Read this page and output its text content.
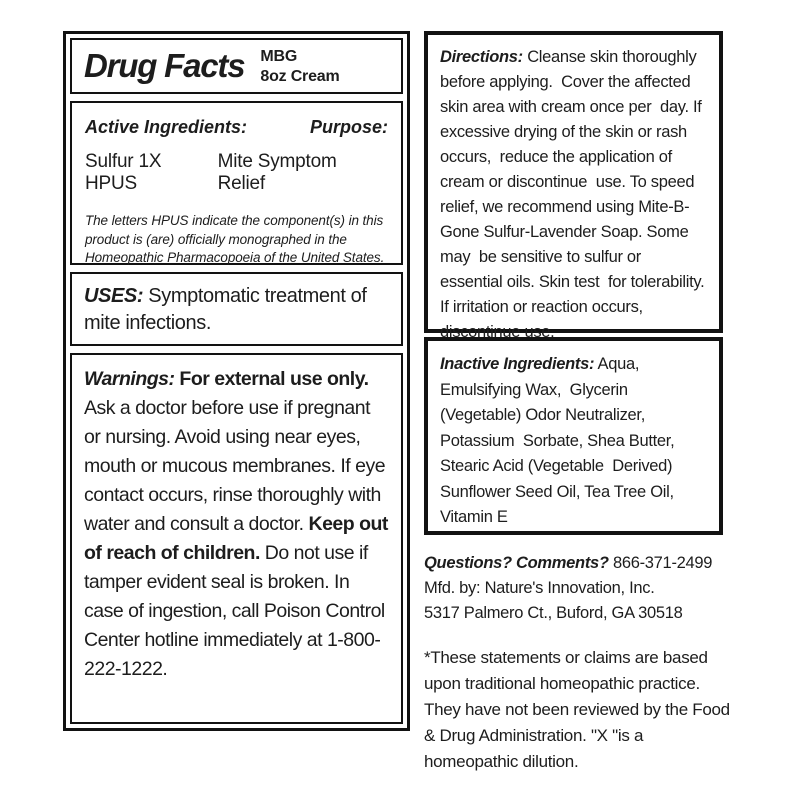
Drug Facts MBG
8oz Cream
Active Ingredients:	Purpose:
Sulfur 1X HPUS
Mite Symptom Relief

The letters HPUS indicate the component(s) in this product is (are) officially monographed in the Homeopathic Pharmacopoeia of the United States.

USES: Symptomatic treatment of mite infections.

Warnings: For external use only. Ask a doctor before use if pregnant or nursing. Avoid using near eyes, mouth or mucous membranes. If eye contact occurs, rinse thoroughly with water and consult a doctor. Keep out of reach of children. Do not use if tamper evident seal is broken. In case of ingestion, call Poison Control Center hotline immediately at 1-800-222-1222.

Directions: Cleanse skin thoroughly before applying.  Cover the affected skin area with cream once per  day. If excessive drying of the skin or rash occurs,  reduce the application of cream or discontinue  use. To speed relief, we recommend using Mite-B-Gone Sulfur-Lavender Soap. Some may  be sensitive to sulfur or essential oils. Skin test  for tolerability. If irritation or reaction occurs,  discontinue use.

Inactive Ingredients: Aqua, Emulsifying Wax,  Glycerin (Vegetable) Odor Neutralizer, Potassium  Sorbate, Shea Butter, Stearic Acid (Vegetable  Derived) Sunflower Seed Oil, Tea Tree Oil, Vitamin E

Questions? Comments? 866-371-2499

Mfd. by: Nature's Innovation, Inc.

5317 Palmero Ct., Buford, GA 30518

*These statements or claims are based upon traditional homeopathic practice. They have not been reviewed by the Food & Drug Administration. "X "is a homeopathic dilution.
